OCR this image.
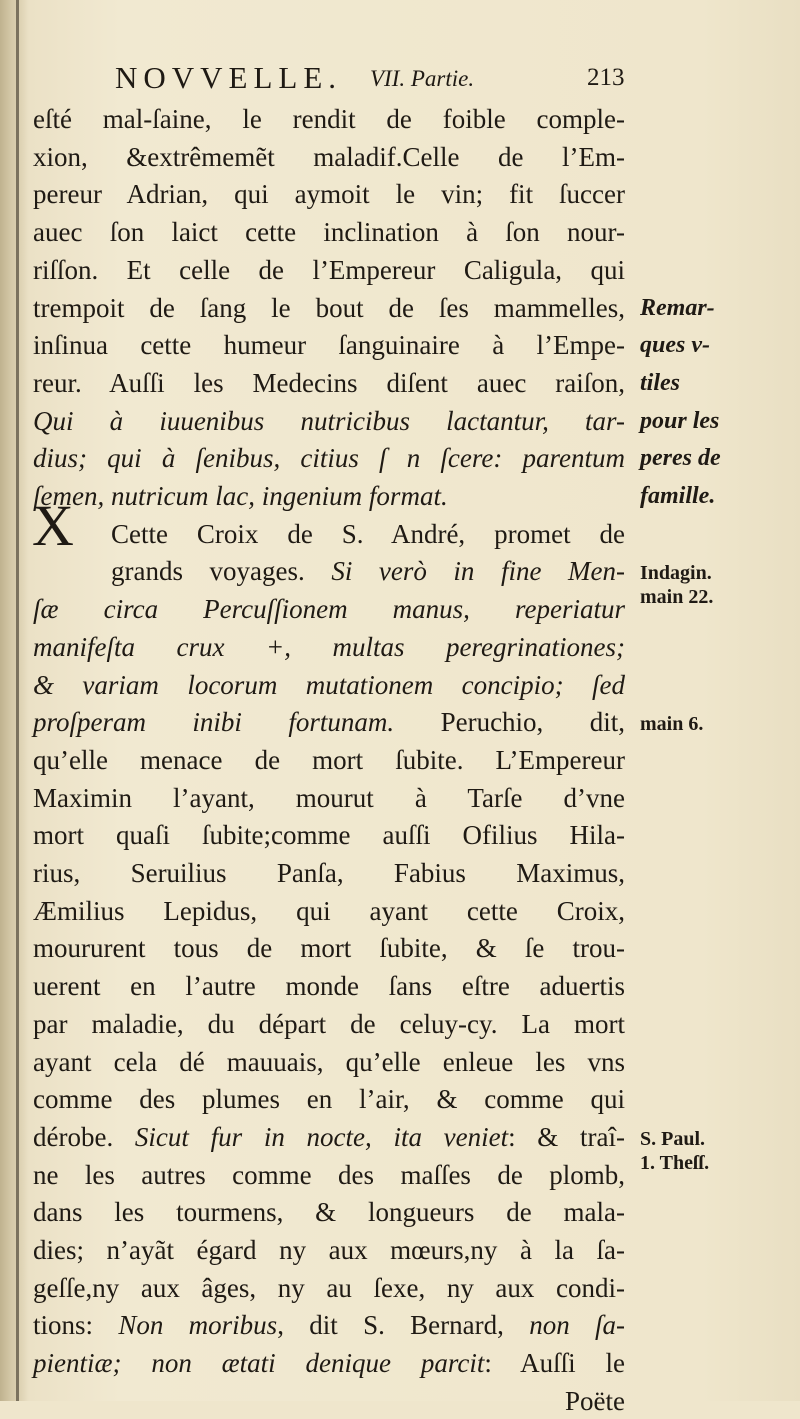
NOVVELLE. VII. Partie.	213
X
eſté mal-ſaine, le rendit de foible comple-
xion, &extrêmemẽt maladif.Celle de l’Em-
pereur Adrian, qui aymoit le vin; fit ſuccer
auec ſon laict cette inclination à ſon nour-
riſſon. Et celle de l’Empereur Caligula, qui
trempoit de ſang le bout de ſes mammelles,
inſinua cette humeur ſanguinaire à l’Empe-
reur. Auſſi les Medecins diſent auec raiſon,
Qui à iuuenibus nutricibus lactantur, tar-
dius; qui à ſenibus, citius ſ n ſcere: parentum
ſemen, nutricum lac, ingenium format.
Cette Croix de S. André, promet de
grands voyages. Si verò in fine Men-
ſæ circa Percuſſionem manus, reperiatur
manifeſta crux +, multas peregrinationes;
& variam locorum mutationem concipio; ſed
proſperam inibi fortunam. Peruchio, dit,
qu’elle menace de mort ſubite. L’Empereur
Maximin l’ayant, mourut à Tarſe d’vne
mort quaſi ſubite;comme auſſi Ofilius Hila-
rius, Seruilius Panſa, Fabius Maximus,
Æmilius Lepidus, qui ayant cette Croix,
moururent tous de mort ſubite, & ſe trou-
uerent en l’autre monde ſans eſtre aduertis
par maladie, du départ de celuy-cy. La mort
ayant cela dé mauuais, qu’elle enleue les vns
comme des plumes en l’air, & comme qui
dérobe. Sicut fur in nocte, ita veniet: & traî-
ne les autres comme des maſſes de plomb,
dans les tourmens, & longueurs de mala-
dies; n’ayãt égard ny aux mœurs,ny à la ſa-
geſſe,ny aux âges, ny au ſexe, ny aux condi-
tions: Non moribus, dit S. Bernard, non ſa-
pientiæ; non ætati denique parcit: Auſſi le
Poëte
Remar-
ques v-
tiles
pour les
peres de
famille.
Indagin.
main 22.
main 6.
S. Paul.
1. Theſſ.
